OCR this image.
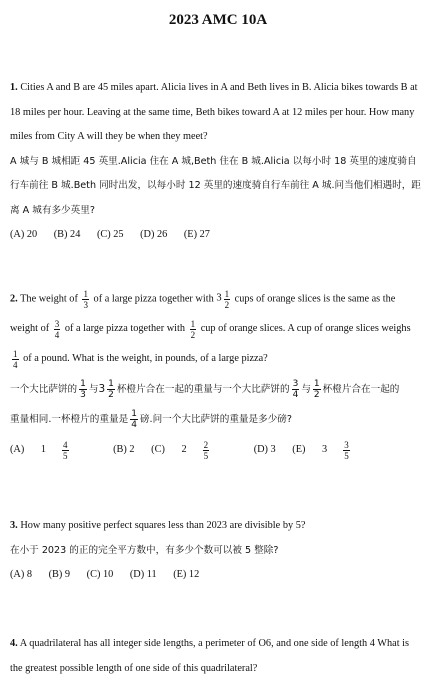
2023 AMC 10A
1. Cities A and B are 45 miles apart. Alicia lives in A and Beth lives in B. Alicia bikes towards B at 18 miles per hour. Leaving at the same time, Beth bikes toward A at 12 miles per hour. How many miles from City A will they be when they meet?
A 城与 B 城相距 45 英里.Alicia 住在 A 城,Beth 住在 B 城.Alicia 以每小时 18 英里的速度骑自行车前往 B 城.Beth 同时出发，以每小时 12 英里的速度骑自行车前往 A 城.问当他们相遇时，距离 A 城有多少英里?
(A) 20 (B) 24 (C) 25 (D) 26 (E) 27
2. The weight of $\frac{1}{3}$ of a large pizza together with $3 \frac{1}{2}$ cups of orange slices is the same as the
weight of $\frac{3}{4}$ of a large pizza together with $\frac{1}{2}$ cup of orange slices. A cup of orange slices weighs
$\frac{1}{4}$ of a pound. What is the weight, in pounds, of a large pizza?
一个大比萨饼的 $\frac{1}{3}$ 与$3 \frac{1}{2}$ 杯橙片合在一起的重量与一个大比萨饼的 $\frac{3}{4}$ 与 $\frac{1}{2}$ 杯橙片合在一起的
重量相同.一杯橙片的重量是 $\frac{1}{4}$ 磅.问一个大比萨饼的重量是多少磅?
(A) $1 \frac{4}{5}$	(B) 2 (C) $2 \frac{2}{5}$	(D) 3 (E) $3 \frac{3}{5}$
3. How many positive perfect squares less than 2023 are divisible by 5?
在小于 2023 的正的完全平方数中，有多少个数可以被 5 整除?
(A) 8 (B) 9 (C) 10 (D) 11 (E) 12
4. A quadrilateral has all integer side lengths, a perimeter of O6, and one side of length 4 What is the greatest possible length of one side of this quadrilateral?
